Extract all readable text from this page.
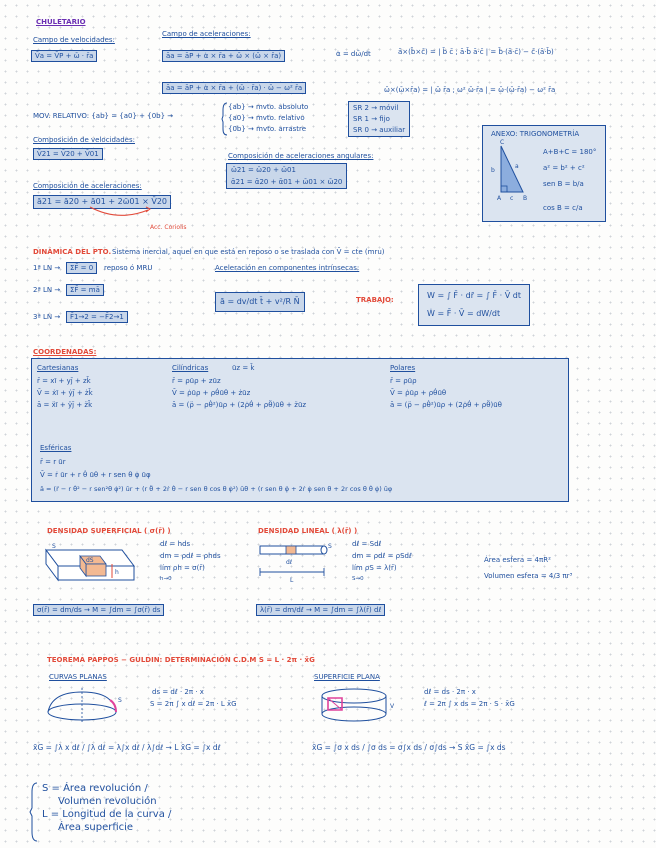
CHULETARIO
Campo de velocidades:
V̄a = V̄P + ω̄ · r̄a
Campo de aceleraciones:
āa = āP + α̇ × r̄a + ω̄ × (ω̄ × r̄a)	α̇ = dω̄/dt	ā×(b̄×c̄) = | b̄ c̄ ; ā·b̄ ā·c̄ | = b̄·(ā·c̄) − c̄·(ā·b̄)
āa = āP + α̇ × r̄a + (ω̄ · r̄a) · ω̄ − ω² r̄a	ω̄×(ω̄×r̄a) = | ω̄ r̄a ; ω² ω̄·r̄a | = ω̄·(ω̄·r̄a) − ω² r̄a
MOV. RELATIVO: {ab} = {a0} + {0b} →
{ab} → mvto. absoluto
{a0} → mvto. relativo
{0b} → mvto. arrastre
SR 2 → móvil
SR 1 → fijo
SR 0 → auxiliar
Composición de velocidades:
V̄21 = V̄20 + V̄01	Composición de aceleraciones angulares:
ω̄21 = ω̄20 + ω̄01
ᾱ21 = ᾱ20 + ᾱ01 + ω̄01 × ω̄20
Composición de aceleraciones:
ā21 = ā20 + ā01 + 2ω̄01 × V̄20
Acc. Coriolis
ANEXO: TRIGONOMETRÍA
C
b
a
A c B
A+B+C = 180°
a² = b² + c²
sen B = b/a
cos B = c/a
DINÁMICA DEL PTO. Sistema inercial, aquel en que está en reposo o se traslada con V̄ = cte (mru)
1ª LN →	ΣF̄ = 0	reposo ó MRU
2ª LN →	ΣF̄ = mā
3ª LN →	F̄1→2 = −F̄2→1
Aceleración en componentes intrínsecas:
ā = dv/dt t̄ + v²/R N̄	TRABAJO:	W = ∫ F̄ · dr̄ = ∫ F̄ · V̄ dt
Ẇ = F̄ · V̄ = dW/dt
COORDENADAS:
Cartesianas
r̄ = xī + yj̄ + zk̄
V̄ = ẋī + ẏj̄ + żk̄
ā = ẍī + ÿj̄ + z̈k̄
Cilíndricas	ūz = k̄
r̄ = ρūρ + zūz
V̄ = ρ̇ūρ + ρθ̇ūθ + żūz
ā = (ρ̈ − ρθ̇²)ūρ + (2ρ̇θ̇ + ρθ̈)ūθ + z̈ūz
Polares
r̄ = ρūρ
V̄ = ρ̇ūρ + ρθ̇ūθ
ā = (ρ̈ − ρθ̇²)ūρ + (2ρ̇θ̇ + ρθ̈)ūθ
Esféricas
r̄ = r ūr
V̄ = ṙ ūr + r θ̇ ūθ + r sen θ φ̇ ūφ
ā = (r̈ − r θ̇² − r sen²θ φ̇²) ūr + (r θ̈ + 2ṙ θ̇ − r sen θ cos θ φ̇²) ūθ + (r sen θ φ̈ + 2ṙ φ̇ sen θ + 2r cos θ θ̇ φ̇) ūφ
DENSIDAD SUPERFICIAL ( σ(r̄) )
S
dS
h
dℓ = hds
dm = ρdℓ = ρhds
lím ρh = σ(r̄)
h→0
σ(r̄) = dm/ds → M = ∫dm = ∫σ(r̄) ds
DENSIDAD LINEAL ( λ(r̄) )
S
dℓ
L
dℓ = Sdℓ
dm = ρdℓ = ρSdℓ
lím ρS = λ(r̄)
S→0
λ(r̄) = dm/dℓ → M = ∫dm = ∫λ(r̄) dℓ
Área esfera = 4πR²
Volumen esfera = 4/3 πr³
TEOREMA PAPPOS − GULDIN: DETERMINACIÓN C.D.M S = L · 2π · x̄G
CURVAS PLANAS
S
ds = dℓ · 2π · x
S = 2π ∫ x dℓ = 2π · L x̄G
SUPERFICIE PLANA
V
dℓ = ds · 2π · x
ℓ = 2π ∫ x ds = 2π · S · x̄G
x̄G = ∫λ x dℓ / ∫λ dℓ = λ∫x dℓ / λ∫dℓ → L x̄G = ∫x dℓ	x̄G = ∫σ x ds / ∫σ ds = σ∫x ds / σ∫ds → S x̄G = ∫x ds
S = Área revolución /
Volumen revolución
L = Longitud de la curva /
Área superficie
